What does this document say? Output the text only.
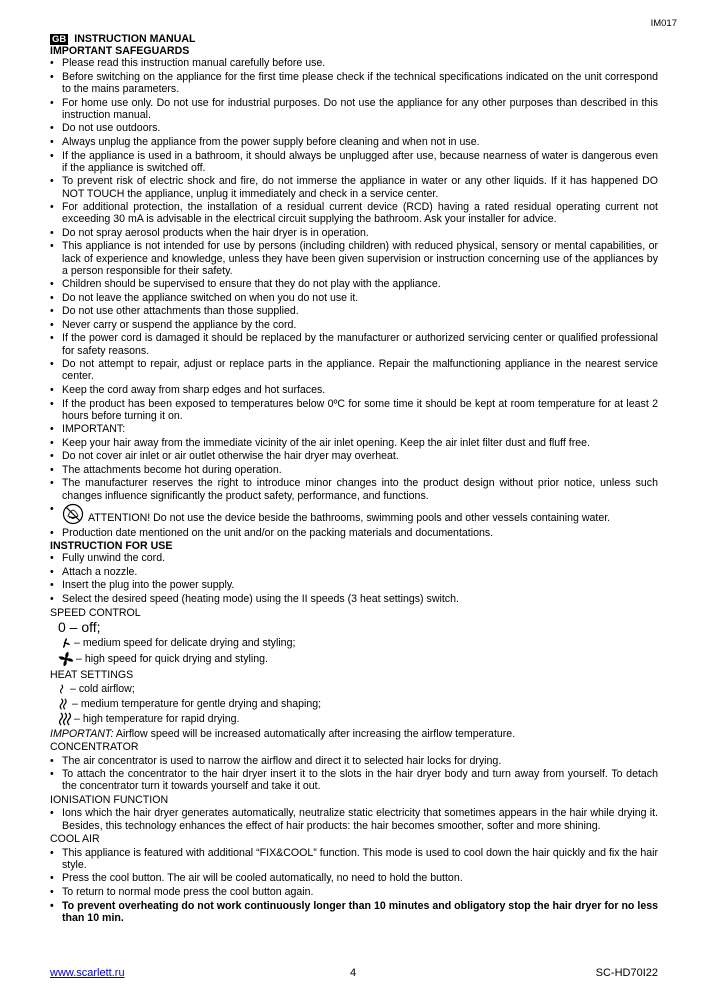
IM017
GB INSTRUCTION MANUAL
IMPORTANT SAFEGUARDS
• Please read this instruction manual carefully before use.
• Before switching on the appliance for the first time please check if the technical specifications indicated on the unit correspond to the mains parameters.
• For home use only. Do not use for industrial purposes. Do not use the appliance for any other purposes than described in this instruction manual.
• Do not use outdoors.
• Always unplug the appliance from the power supply before cleaning and when not in use.
• If the appliance is used in a bathroom, it should always be unplugged after use, because nearness of water is dangerous even if the appliance is switched off.
• To prevent risk of electric shock and fire, do not immerse the appliance in water or any other liquids. If it has happened DO NOT TOUCH the appliance, unplug it immediately and check in a service center.
• For additional protection, the installation of a residual current device (RCD) having a rated residual operating current not exceeding 30 mA is advisable in the electrical circuit supplying the bathroom. Ask your installer for advice.
• Do not spray aerosol products when the hair dryer is in operation.
• This appliance is not intended for use by persons (including children) with reduced physical, sensory or mental capabilities, or lack of experience and knowledge, unless they have been given supervision or instruction concerning use of the appliances by a person responsible for their safety.
• Children should be supervised to ensure that they do not play with the appliance.
• Do not leave the appliance switched on when you do not use it.
• Do not use other attachments than those supplied.
• Never carry or suspend the appliance by the cord.
• If the power cord is damaged it should be replaced by the manufacturer or authorized servicing center or qualified professional for safety reasons.
• Do not attempt to repair, adjust or replace parts in the appliance. Repair the malfunctioning appliance in the nearest service center.
• Keep the cord away from sharp edges and hot surfaces.
• If the product has been exposed to temperatures below 0ºC for some time it should be kept at room temperature for at least 2 hours before turning it on.
• IMPORTANT:
• Keep your hair away from the immediate vicinity of the air inlet opening. Keep the air inlet filter dust and fluff free.
• Do not cover air inlet or air outlet otherwise the hair dryer may overheat.
• The attachments become hot during operation.
• The manufacturer reserves the right to introduce minor changes into the product design without prior notice, unless such changes influence significantly the product safety, performance, and functions.
• ATTENTION! Do not use the device beside the bathrooms, swimming pools and other vessels containing water.
• Production date mentioned on the unit and/or on the packing materials and documentations.
INSTRUCTION FOR USE
• Fully unwind the cord.
• Attach a nozzle.
• Insert the plug into the power supply.
• Select the desired speed (heating mode) using the II speeds (3 heat settings) switch.
SPEED CONTROL
0 – off;
– medium speed for delicate drying and styling;
– high speed for quick drying and styling.
HEAT SETTINGS
– cold airflow;
– medium temperature for gentle drying and shaping;
– high temperature for rapid drying.
IMPORTANT: Airflow speed will be increased automatically after increasing the airflow temperature.
CONCENTRATOR
• The air concentrator is used to narrow the airflow and direct it to selected hair locks for drying.
• To attach the concentrator to the hair dryer insert it to the slots in the hair dryer body and turn away from yourself. To detach the concentrator turn it towards yourself and take it out.
IONISATION FUNCTION
• Ions which the hair dryer generates automatically, neutralize static electricity that sometimes appears in the hair while drying it. Besides, this technology enhances the effect of hair products: the hair becomes smoother, softer and more shining.
COOL AIR
• This appliance is featured with additional “FIX&COOL” function. This mode is used to cool down the hair quickly and fix the hair style.
• Press the cool button. The air will be cooled automatically, no need to hold the button.
• To return to normal mode press the cool button again.
• To prevent overheating do not work continuously longer than 10 minutes and obligatory stop the hair dryer for no less than 10 min.
www.scarlett.ru	4	SC-HD70I22
